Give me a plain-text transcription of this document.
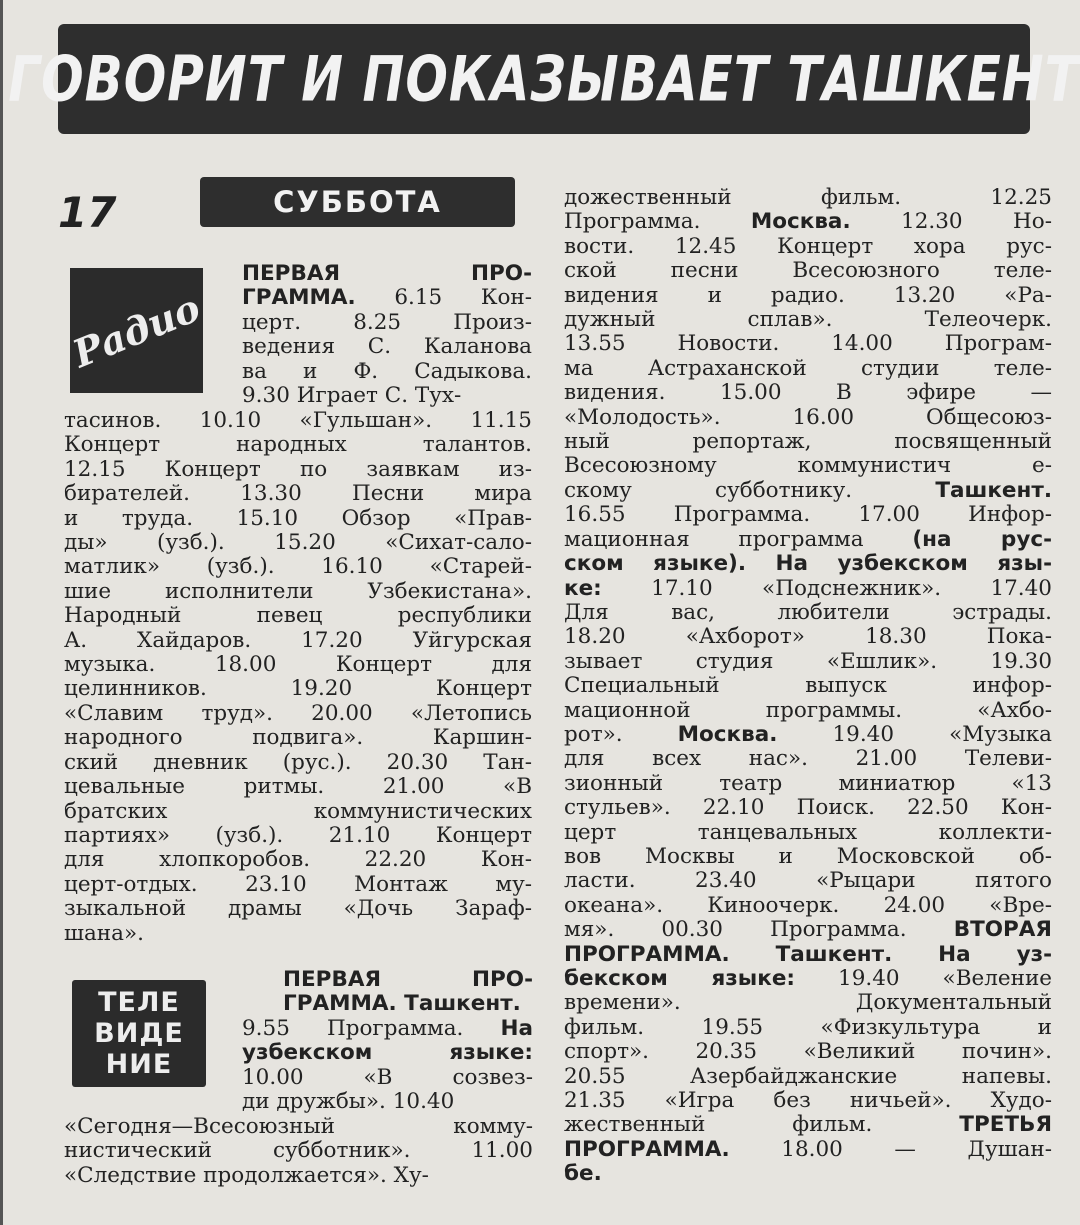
ГОВОРИТ И ПОКАЗЫВАЕТ ТАШКЕНТ
17	СУББОТА
Радио
ТЕЛЕ
ВИДЕ
НИЕ

ПЕРВАЯ ПРО-

ГРАММА. 6.15 Кон-

цeрт. 8.25 Произ-

ведения С. Каланова

ва и Ф. Садыкова.

9.30 Играет С. Тух-

тасинов. 10.10 «Гульшан». 11.15

Концерт народных талантов.

12.15 Концерт по заявкам из-

бирателей. 13.30 Песни мира

и труда. 15.10 Обзор «Прав-

ды» (узб.). 15.20 «Сихат-сало-

матлик» (узб.). 16.10 «Старей-

шие исполнители Узбекистана».

Народный певец республики

А. Хайдаров. 17.20 Уйгурская

музыка. 18.00 Концерт для

целинников. 19.20 Концерт

«Славим труд». 20.00 «Летопись

народного подвига». Каршин-

ский дневник (рус.). 20.30 Тан-

цевальные ритмы. 21.00 «В

братских коммунистических

партиях» (узб.). 21.10 Концерт

для хлопкоробов. 22.20 Кон-

церт-отдых. 23.10 Монтаж му-

зыкальной драмы «Дочь Зараф-

шана».

ПЕРВАЯ ПРО-

ГРАММА. Ташкент.

9.55 Программа. На

узбекском языке:

10.00 «В созвез-

ди дружбы». 10.40

«Сегодня—Всесоюзный комму-

нистический субботник». 11.00

«Следствие продолжается». Ху-

дожественный фильм. 12.25

Программа. Москва. 12.30 Но-

вости. 12.45 Концерт хора рус-

ской песни Всесоюзного теле-

видения и радио. 13.20 «Ра-

дужный сплав». Телеочерк.

13.55 Новости. 14.00 Програм-

ма Астраханской студии теле-

видения. 15.00 В эфире —

«Молодость». 16.00 Общесоюз-

ный репортаж, посвященный

Всесоюзному коммунистич е-

скому субботнику. Ташкент.

16.55 Программа. 17.00 Инфор-

мационная программа (на рус-

ском языке). На узбекском язы-

ке: 17.10 «Подснежник». 17.40

Для вас, любители эстрады.

18.20 «Ахборот» 18.30 Пока-

зывает студия «Ешлик». 19.30

Специальный выпуск инфор-

мационной программы. «Ахбо-

рот». Москва. 19.40 «Музыка

для всех нас». 21.00 Телеви-

зионный театр миниатюр «13

стульев». 22.10 Поиск. 22.50 Кон-

церт танцевальных коллекти-

вов Москвы и Московской об-

ласти. 23.40 «Рыцари пятого

океана». Киноочерк. 24.00 «Вре-

мя». 00.30 Программа. ВТОРАЯ

ПРОГРАММА. Ташкент. На уз-

бекском языке: 19.40 «Веление

времени». Документальный

фильм. 19.55 «Физкультура и

спорт». 20.35 «Великий почин».

20.55 Азербайджанские напевы.

21.35 «Игра без ничьей». Худо-

жественный фильм. ТРЕТЬЯ

ПРОГРАММА. 18.00 — Душан-

бе.
